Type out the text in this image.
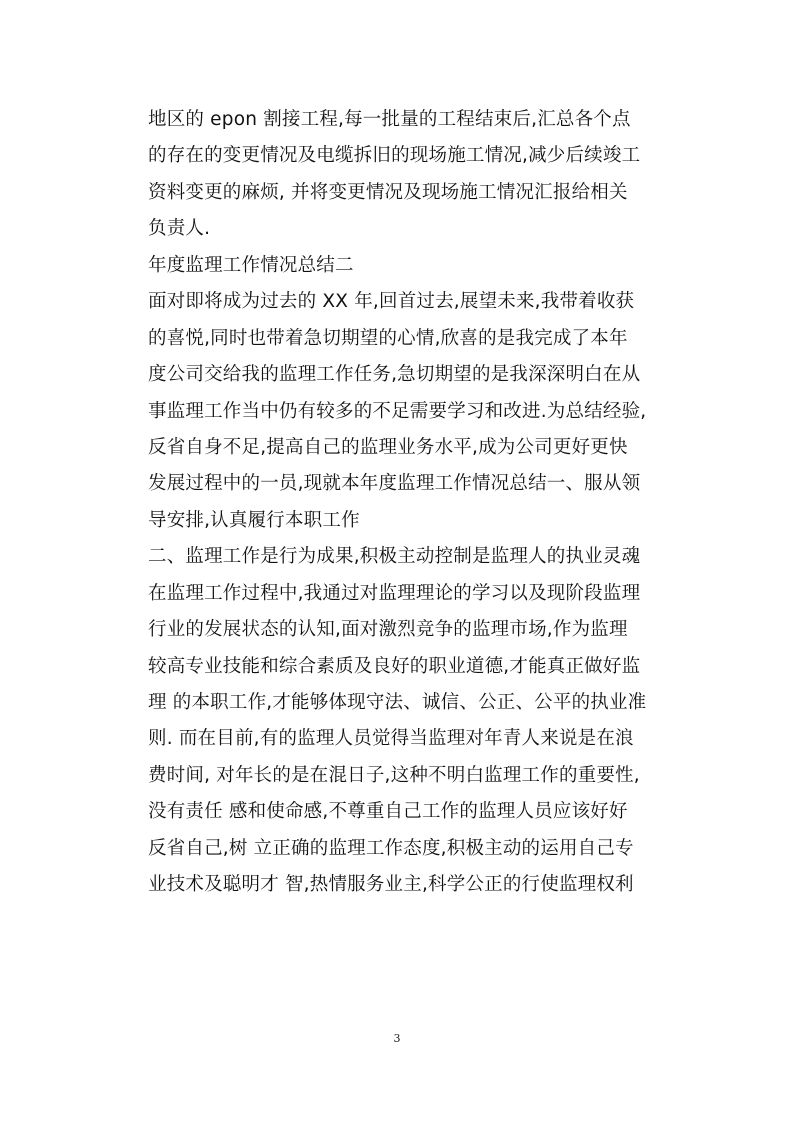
地区的 epon 割接工程,每一批量的工程结束后,汇总各个点
的存在的变更情况及电缆拆旧的现场施工情况,减少后续竣工
资料变更的麻烦, 并将变更情况及现场施工情况汇报给相关
负责人.
年度监理工作情况总结二
面对即将成为过去的 XX 年,回首过去,展望未来,我带着收获
的喜悦,同时也带着急切期望的心情,欣喜的是我完成了本年
度公司交给我的监理工作任务,急切期望的是我深深明白在从
事监理工作当中仍有较多的不足需要学习和改进.为总结经验,
反省自身不足,提高自己的监理业务水平,成为公司更好更快
发展过程中的一员,现就本年度监理工作情况总结一、服从领
导安排,认真履行本职工作
二、监理工作是行为成果,积极主动控制是监理人的执业灵魂
在监理工作过程中,我通过对监理理论的学习以及现阶段监理
行业的发展状态的认知,面对激烈竞争的监理市场,作为监理
较高专业技能和综合素质及良好的职业道德,才能真正做好监
理 的本职工作,才能够体现守法、诚信、公正、公平的执业准
则. 而在目前,有的监理人员觉得当监理对年青人来说是在浪
费时间, 对年长的是在混日子,这种不明白监理工作的重要性,
没有责任 感和使命感,不尊重自己工作的监理人员应该好好
反省自己,树 立正确的监理工作态度,积极主动的运用自己专
业技术及聪明才 智,热情服务业主,科学公正的行使监理权利
3
